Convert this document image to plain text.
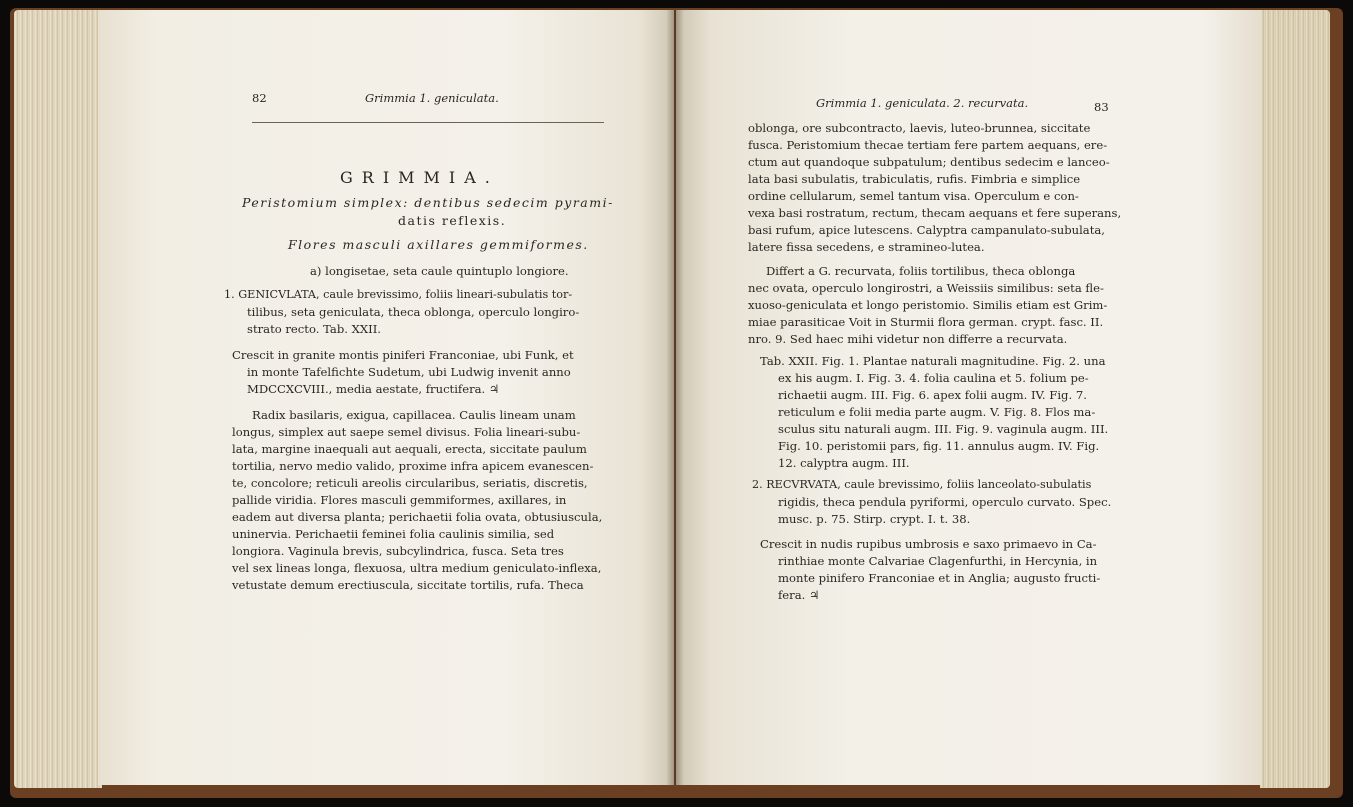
82	Grimmia 1. geniculata.
GRIMMIA.
Peristomium simplex: dentibus sedecim pyrami-
datis reflexis.
Flores masculi axillares gemmiformes.
a) longisetae, seta caule quintuplo longiore.
1. GENICVLATA, caule brevissimo, foliis lineari-subulatis tor-
tilibus, seta geniculata, theca oblonga, operculo longiro-
strato recto. Tab. XXII.
Crescit in granite montis piniferi Franconiae, ubi Funk, et
in monte Tafelfichte Sudetum, ubi Ludwig invenit anno
MDCCXCVIII., media aestate, fructifera. ♃
Radix basilaris, exigua, capillacea. Caulis lineam unam
longus, simplex aut saepe semel divisus. Folia lineari-subu-
lata, margine inaequali aut aequali, erecta, siccitate paulum
tortilia, nervo medio valido, proxime infra apicem evanescen-
te, concolore; reticuli areolis circularibus, seriatis, discretis,
pallide viridia. Flores masculi gemmiformes, axillares, in
eadem aut diversa planta; perichaetii folia ovata, obtusiuscula,
uninervia. Perichaetii feminei folia caulinis similia, sed
longiora. Vaginula brevis, subcylindrica, fusca. Seta tres
vel sex lineas longa, flexuosa, ultra medium geniculato-inflexa,
vetustate demum erectiuscula, siccitate tortilis, rufa. Theca
Grimmia 1. geniculata. 2. recurvata.	83
oblonga, ore subcontracto, laevis, luteo-brunnea, siccitate
fusca. Peristomium thecae tertiam fere partem aequans, ere-
ctum aut quandoque subpatulum; dentibus sedecim e lanceo-
lata basi subulatis, trabiculatis, rufis. Fimbria e simplice
ordine cellularum, semel tantum visa. Operculum e con-
vexa basi rostratum, rectum, thecam aequans et fere superans,
basi rufum, apice lutescens. Calyptra campanulato-subulata,
latere fissa secedens, e stramineo-lutea.
Differt a G. recurvata, foliis tortilibus, theca oblonga
nec ovata, operculo longirostri, a Weissiis similibus: seta fle-
xuoso-geniculata et longo peristomio. Similis etiam est Grim-
miae parasiticae Voit in Sturmii flora german. crypt. fasc. II.
nro. 9. Sed haec mihi videtur non differre a recurvata.
Tab. XXII. Fig. 1. Plantae naturali magnitudine. Fig. 2. una
ex his augm. I. Fig. 3. 4. folia caulina et 5. folium pe-
richaetii augm. III. Fig. 6. apex folii augm. IV. Fig. 7.
reticulum e folii media parte augm. V. Fig. 8. Flos ma-
sculus situ naturali augm. III. Fig. 9. vaginula augm. III.
Fig. 10. peristomii pars, fig. 11. annulus augm. IV. Fig.
12. calyptra augm. III.
2. RECVRVATA, caule brevissimo, foliis lanceolato-subulatis
rigidis, theca pendula pyriformi, operculo curvato. Spec.
musc. p. 75. Stirp. crypt. I. t. 38.
Crescit in nudis rupibus umbrosis e saxo primaevo in Ca-
rinthiae monte Calvariae Clagenfurthi, in Hercynia, in
monte pinifero Franconiae et in Anglia; augusto fructi-
fera. ♃
